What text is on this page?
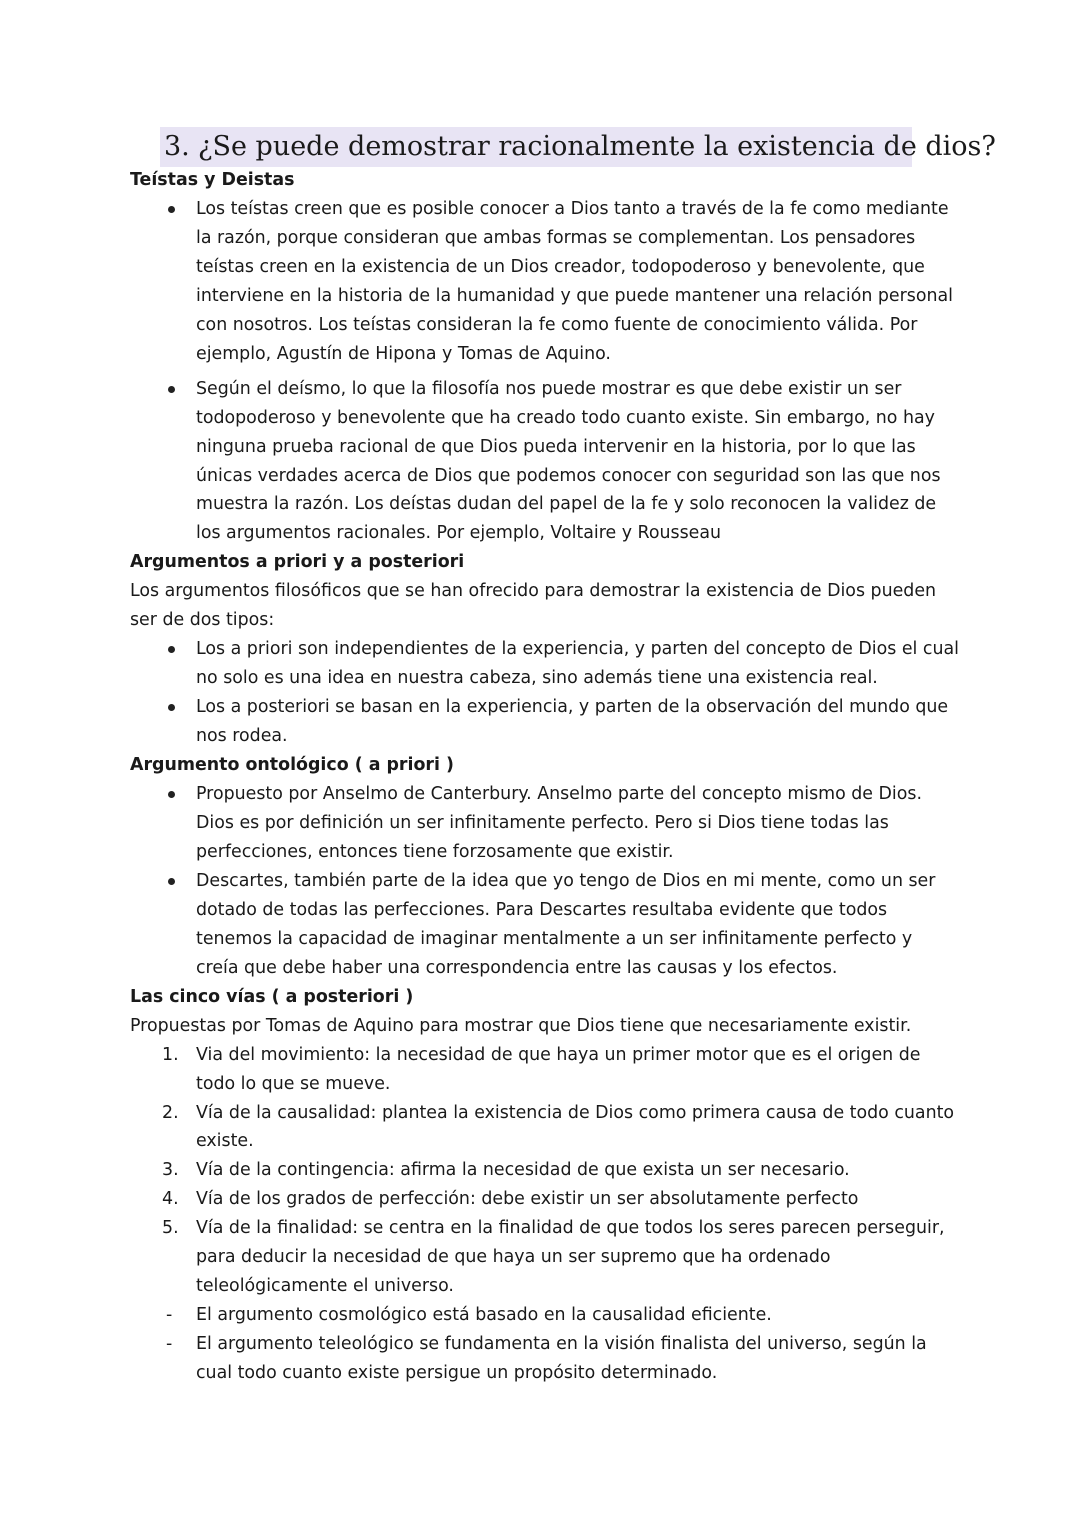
3. ¿Se puede demostrar racionalmente la existencia de dios?

Teístas y Deistas

Los teístas creen que es posible conocer a Dios tanto a través de la fe como mediante la razón, porque consideran que ambas formas se complementan. Los pensadores teístas creen en la existencia de un Dios creador, todopoderoso y benevolente, que interviene en la historia de la humanidad y que puede mantener una relación personal con nosotros. Los teístas consideran la fe como fuente de conocimiento válida. Por ejemplo, Agustín de Hipona y Tomas de Aquino.
Según el deísmo, lo que la filosofía nos puede mostrar es que debe existir un ser todopoderoso y benevolente que ha creado todo cuanto existe. Sin embargo, no hay ninguna prueba racional de que Dios pueda intervenir en la historia, por lo que las únicas verdades acerca de Dios que podemos conocer con seguridad son las que nos muestra la razón. Los deístas dudan del papel de la fe y solo reconocen la validez de los argumentos racionales. Por ejemplo, Voltaire y Rousseau

Argumentos a priori y a posteriori

Los argumentos filosóficos que se han ofrecido para demostrar la existencia de Dios pueden ser de dos tipos:

Los a priori son independientes de la experiencia, y parten del concepto de Dios el cual no solo es una idea en nuestra cabeza, sino además tiene una existencia real.
Los a posteriori se basan en la experiencia, y parten de la observación del mundo que nos rodea.

Argumento ontológico ( a priori )

Propuesto por Anselmo de Canterbury. Anselmo parte del concepto mismo de Dios. Dios es por definición un ser infinitamente perfecto. Pero si Dios tiene todas las perfecciones, entonces tiene forzosamente que existir.
Descartes, también parte de la idea que yo tengo de Dios en mi mente, como un ser dotado de todas las perfecciones. Para Descartes resultaba evidente que todos tenemos la capacidad de imaginar mentalmente a un ser infinitamente perfecto y creía que debe haber una correspondencia entre las causas y los efectos.

Las cinco vías ( a posteriori )

Propuestas por Tomas de Aquino para mostrar que Dios tiene que necesariamente existir.

1. Via del movimiento: la necesidad de que haya un primer motor que es el origen de todo lo que se mueve.
2. Vía de la causalidad: plantea la existencia de Dios como primera causa de todo cuanto existe.
3. Vía de la contingencia: afirma la necesidad de que exista un ser necesario.
4. Vía de los grados de perfección: debe existir un ser absolutamente perfecto
5. Vía de la finalidad: se centra en la finalidad de que todos los seres parecen perseguir, para deducir la necesidad de que haya un ser supremo que ha ordenado teleológicamente el universo.
- El argumento cosmológico está basado en la causalidad eficiente.
- El argumento teleológico se fundamenta en la visión finalista del universo, según la cual todo cuanto existe persigue un propósito determinado.
